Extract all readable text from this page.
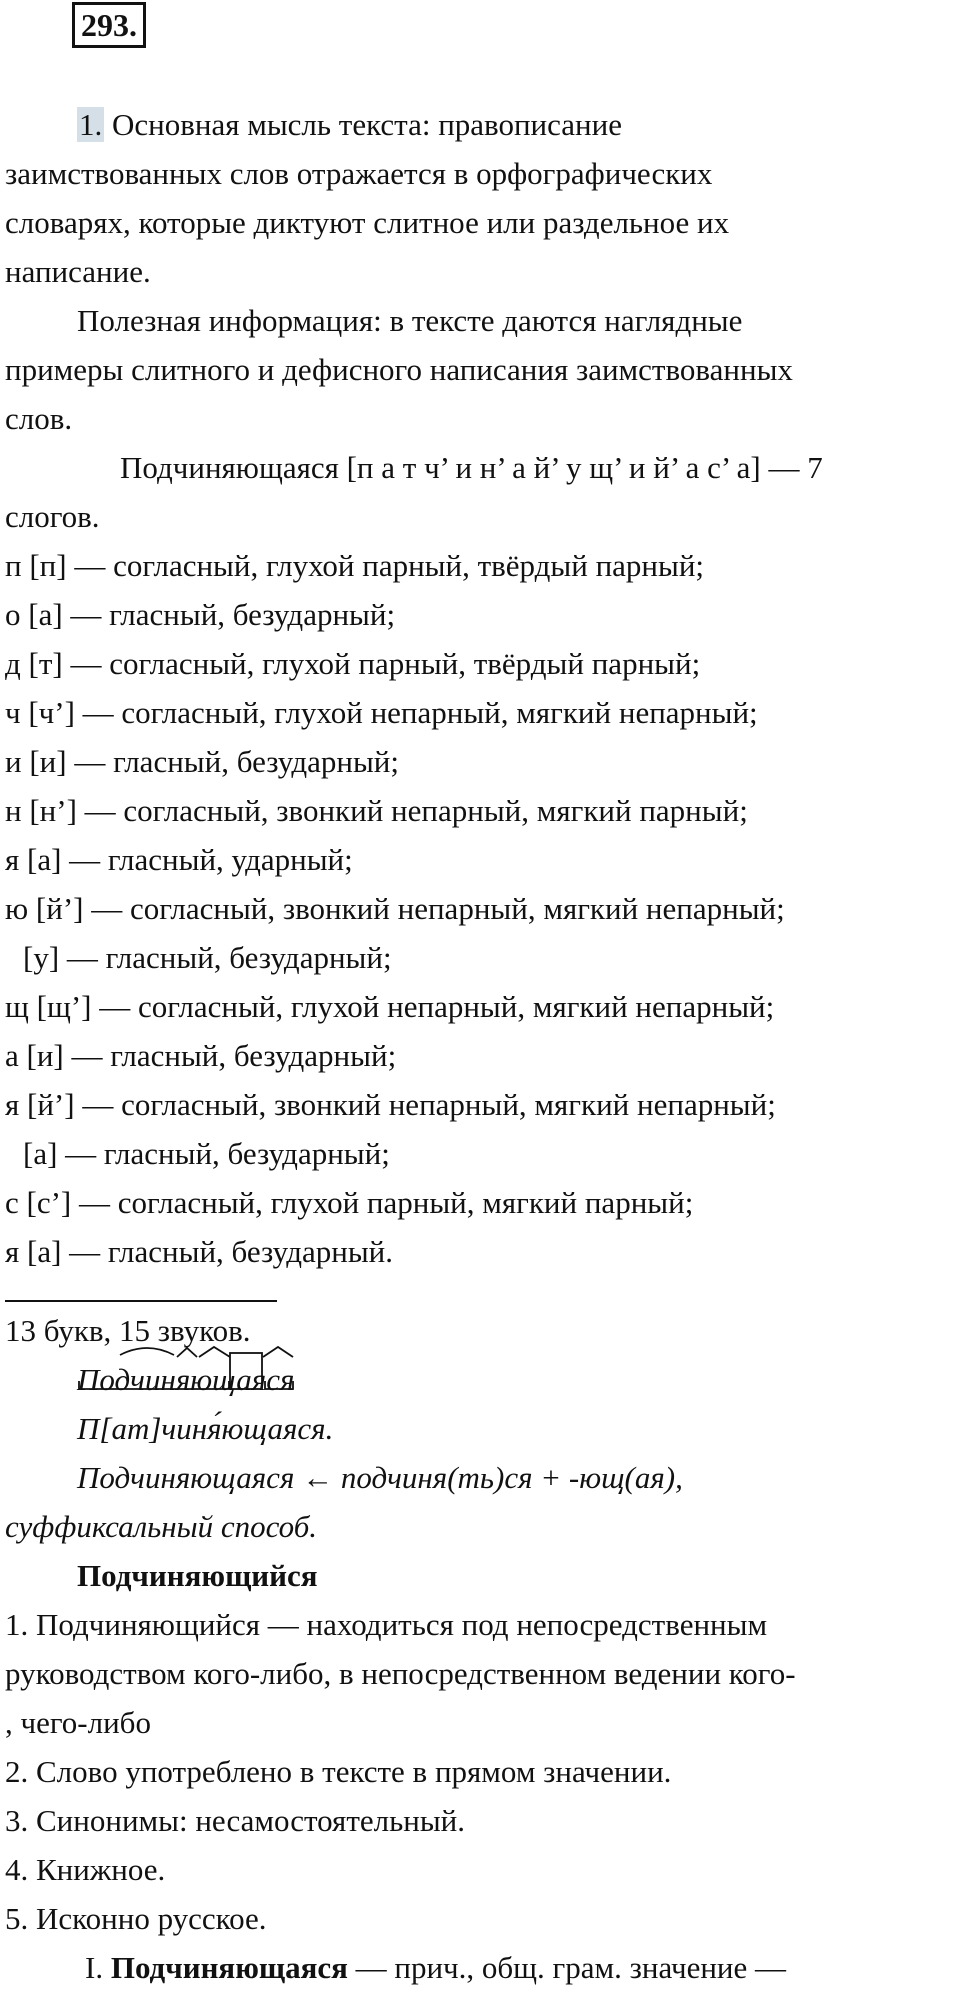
293.

1. Основная мысль текста: правописание

заимствованных слов отражается в орфографических

словарях, которые диктуют слитное или раздельное их

написание.

Полезная информация: в тексте даются наглядные

примеры слитного и дефисного написания заимствованных

слов.

Подчиняющаяся [п а т ч’ и н’ а й’ у щ’ и й’ а с’ а] — 7

слогов.

п [п] — согласный, глухой парный, твёрдый парный;

о [а] — гласный, безударный;

д [т] — согласный, глухой парный, твёрдый парный;

ч [ч’] — согласный, глухой непарный, мягкий непарный;

и [и] — гласный, безударный;

н [н’] — согласный, звонкий непарный, мягкий парный;

я [а] — гласный, ударный;

ю [й’] — согласный, звонкий непарный, мягкий непарный;

[у] — гласный, безударный;

щ [щ’] — согласный, глухой непарный, мягкий непарный;

а [и] — гласный, безударный;

я [й’] — согласный, звонкий непарный, мягкий непарный;

[а] — гласный, безударный;

с [с’] — согласный, глухой парный, мягкий парный;

я [а] — гласный, безударный.

13 букв, 15 звуков.

Подчиняющаяся

П[ат]чиня́ющаяся.

Подчиняющаяся ← подчиня(ть)ся + -ющ(ая),

суффиксальный способ.

Подчиняющийся

1. Подчиняющийся — находиться под непосредственным

руководством кого-либо, в непосредственном ведении кого-

, чего-либо

2. Слово употреблено в тексте в прямом значении.

3. Синонимы: несамостоятельный.

4. Книжное.

5. Исконно русское.

I. Подчиняющаяся — прич., общ. грам. значение —
